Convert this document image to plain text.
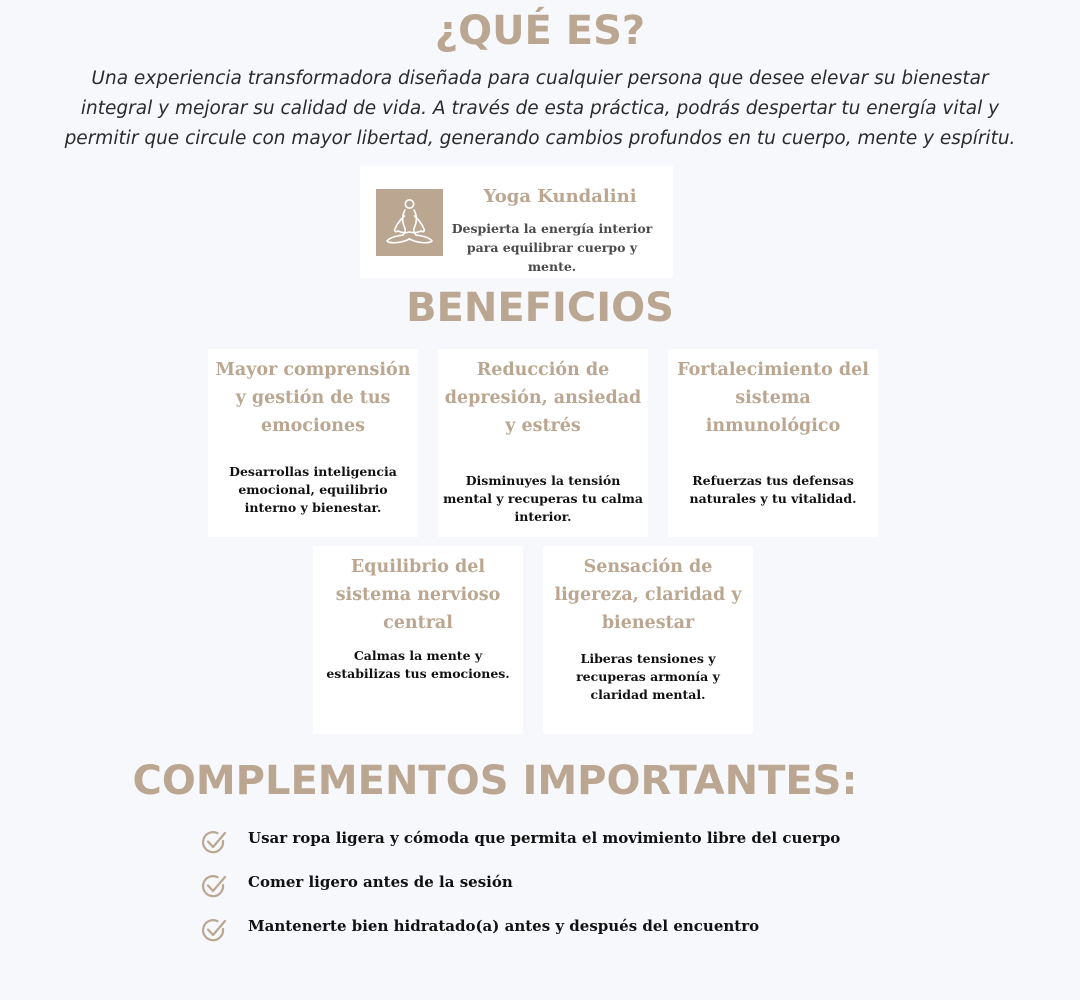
¿QUÉ ES?

Una experiencia transformadora diseñada para cualquier persona que desee elevar su bienestar integral y mejorar su calidad de vida. A través de esta práctica, podrás despertar tu energía vital y permitir que circule con mayor libertad, generando cambios profundos en tu cuerpo, mente y espíritu.

Yoga Kundalini
Despierta la energía interior para equilibrar cuerpo y mente.
BENEFICIOS
Mayor comprensión y gestión de tus emociones
Desarrollas inteligencia emocional, equilibrio interno y bienestar.
Reducción de depresión, ansiedad y estrés
Disminuyes la tensión mental y recuperas tu calma interior.
Fortalecimiento del sistema inmunológico
Refuerzas tus defensas naturales y tu vitalidad.
Equilibrio del sistema nervioso central
Calmas la mente y estabilizas tus emociones.
Sensación de ligereza, claridad y bienestar
Liberas tensiones y recuperas armonía y claridad mental.
COMPLEMENTOS IMPORTANTES:
Usar ropa ligera y cómoda que permita el movimiento libre del cuerpo
Comer ligero antes de la sesión
Mantenerte bien hidratado(a) antes y después del encuentro
